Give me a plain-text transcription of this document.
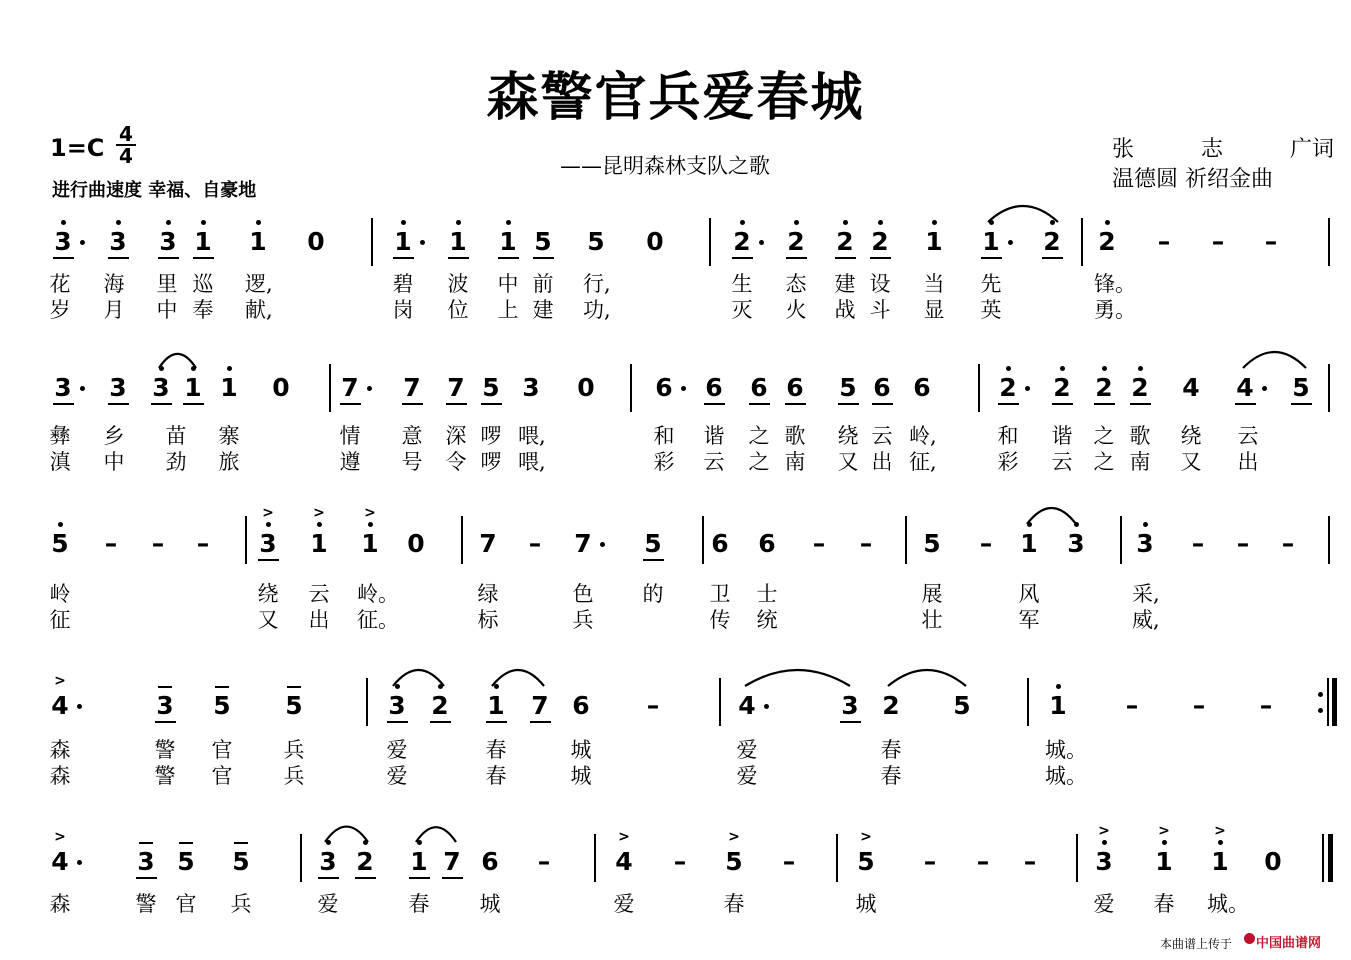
森警官兵爱春城
$1=C \frac{4}{4}$
进行曲速度 幸福、自豪地
——昆明森林支队之歌
张	志	广词
温德圆 祈绍金曲
3 3 3 1 1 0	1 1 1 5 5 0	2 2 2 2 1 1 2 2 – – –
花 海 里 巡 逻,	碧 波 中 前 行,	生 态 建 设 当 先	锋。
岁 月 中 奉 献,	岗 位 上 建 功,	灭 火 战 斗 显 英	勇。
3 3 3 1 1 0 7 7 7 5 3 0 6 6 6 6 5 6 6	2 2 2 2 4 4 5
彝 乡 苗 寨	情 意 深 啰 喂,	和 谐 之 歌 绕 云 岭,	和 谐 之 歌 绕 云
滇 中 劲 旅	遵 号 令 啰 喂,	彩 云 之 南 又 出 征,	彩 云 之 南 又 出
5 – – – 3
>
1
>
1
>
0 7 – 7 5 6 6 – – 5 – 1 3 3 – – –
岭	绕 云 岭。	绿	色 的 卫 士	展	风	采,
征	又 出 征。	标	兵	传 统	壮	军	威,
4
>
3 5 5	3 2 1 7 6 –	4	3 2 5	1 – – –
森	警 官 兵	爱	春	城	爱	春	城。
森	警 官 兵	爱	春	城	爱	春	城。
4
>
3 5 5	3 2 1 7 6 –	4
>
– 5
>
– 5
>
– – – 3
>
1
>
1
>
0
森	警 官 兵	爱	春 城	爱	春	城	爱 春 城。
本曲谱上传于 中国曲谱网
